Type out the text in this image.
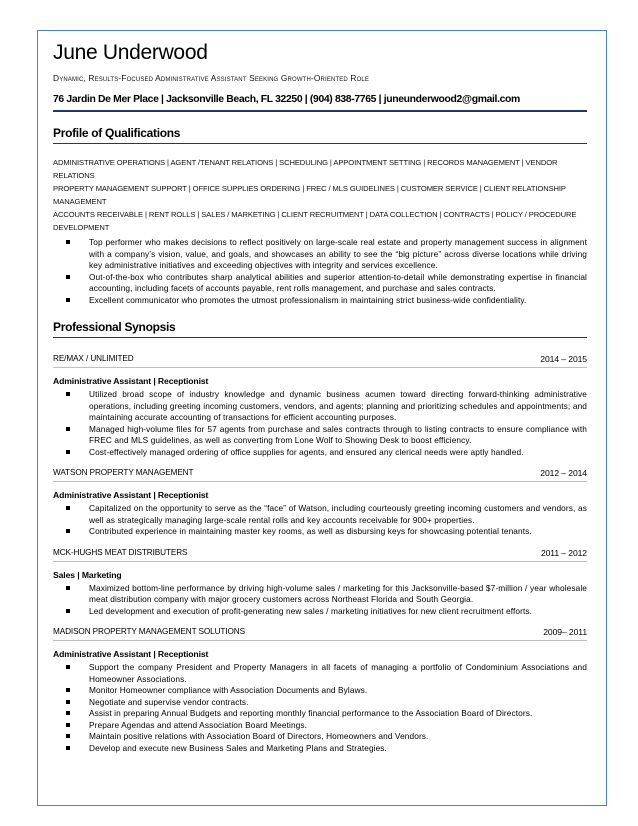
June Underwood
Dynamic, Results-Focused Administrative Assistant Seeking Growth-Oriented Role
76 Jardin De Mer Place | Jacksonville Beach, FL 32250 | (904) 838-7765 | juneunderwood2@gmail.com
Profile of Qualifications
ADMINISTRATIVE OPERATIONS | AGENT /TENANT RELATIONS | SCHEDULING | APPOINTMENT SETTING | RECORDS MANAGEMENT | VENDOR RELATIONS
PROPERTY MANAGEMENT SUPPORT | OFFICE SUPPLIES ORDERING | FREC / MLS GUIDELINES | CUSTOMER SERVICE | CLIENT RELATIONSHIP MANAGEMENT
ACCOUNTS RECEIVABLE | RENT ROLLS | SALES / MARKETING | CLIENT RECRUITMENT | DATA COLLECTION | CONTRACTS | POLICY / PROCEDURE DEVELOPMENT
Top performer who makes decisions to reflect positively on large-scale real estate and property management success in alignment with a company’s vision, value, and goals, and showcases an ability to see the “big picture” across diverse locations while driving key administrative initiatives and exceeding objectives with integrity and services excellence.
Out-of-the-box who contributes sharp analytical abilities and superior attention-to-detail while demonstrating expertise in financial accounting, including facets of accounts payable, rent rolls management, and purchase and sales contracts.
Excellent communicator who promotes the utmost professionalism in maintaining strict business-wide confidentiality.
Professional Synopsis
RE/MAX / UNLIMITED	2014 – 2015
Administrative Assistant | Receptionist
Utilized broad scope of industry knowledge and dynamic business acumen toward directing forward-thinking administrative operations, including greeting incoming customers, vendors, and agents; planning and prioritizing schedules and appointments; and maintaining accurate accounting of transactions for efficient accounting purposes.
Managed high-volume files for 57 agents from purchase and sales contracts through to listing contracts to ensure compliance with FREC and MLS guidelines, as well as converting from Lone Wolf to Showing Desk to boost efficiency.
Cost-effectively managed ordering of office supplies for agents, and ensured any clerical needs were aptly handled.
WATSON PROPERTY MANAGEMENT	2012 – 2014
Administrative Assistant | Receptionist
Capitalized on the opportunity to serve as the “face” of Watson, including courteously greeting incoming customers and vendors, as well as strategically managing large-scale rental rolls and key accounts receivable for 900+ properties.
Contributed experience in maintaining master key rooms, as well as disbursing keys for showcasing potential tenants.
MCK-HUGHS MEAT DISTRIBUTERS	2011 – 2012
Sales | Marketing
Maximized bottom-line performance by driving high-volume sales / marketing for this Jacksonville-based $7-million / year wholesale meat distribution company with major grocery customers across Northeast Florida and South Georgia.
Led development and execution of profit-generating new sales / marketing initiatives for new client recruitment efforts.
MADISON PROPERTY MANAGEMENT SOLUTIONS	2009– 2011
Administrative Assistant | Receptionist
Support the company President and Property Managers in all facets of managing a portfolio of Condominium Associations and Homeowner Associations.
Monitor Homeowner compliance with Association Documents and Bylaws.
Negotiate and supervise vendor contracts.
Assist in preparing Annual Budgets and reporting monthly financial performance to the Association Board of Directors.
Prepare Agendas and attend Association Board Meetings.
Maintain positive relations with Association Board of Directors, Homeowners and Vendors.
Develop and execute new Business Sales and Marketing Plans and Strategies.
